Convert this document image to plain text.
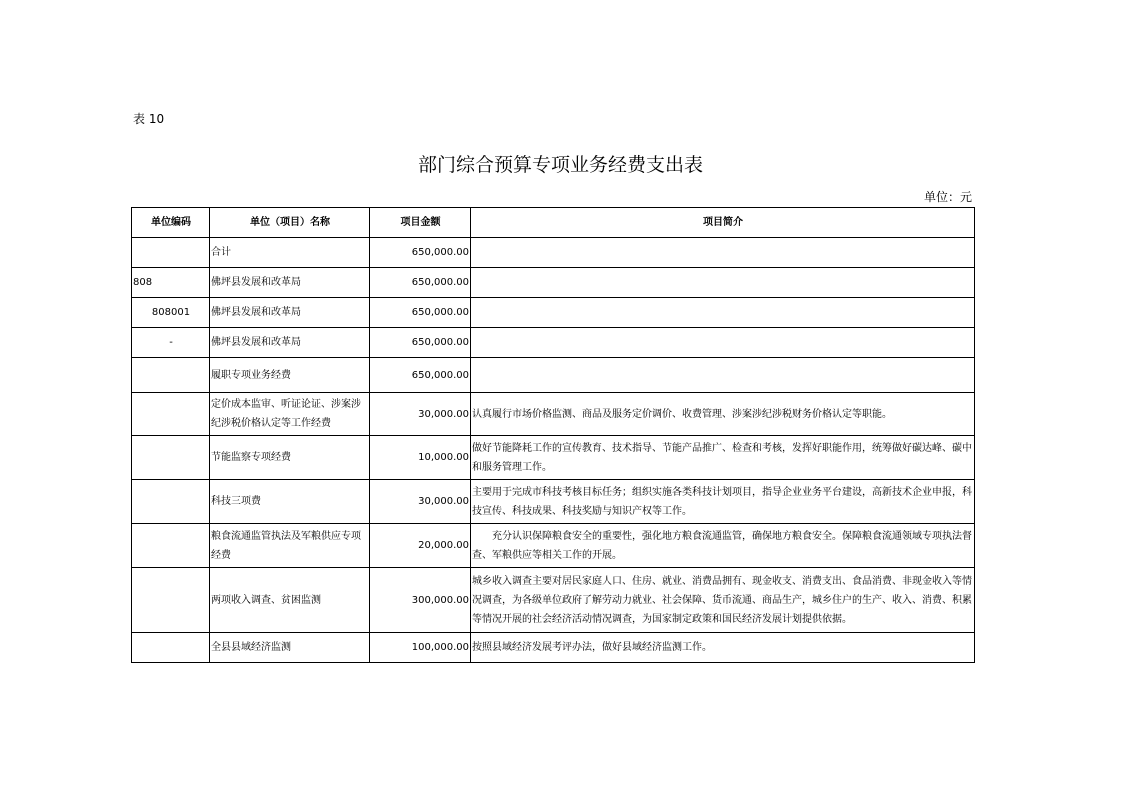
表 10
部门综合预算专项业务经费支出表
单位：元
单位编码	单位（项目）名称	项目金额	项目简介
	合计	650,000.00	
808	佛坪县发展和改革局	650,000.00	
808001	佛坪县发展和改革局	650,000.00	
-	佛坪县发展和改革局	650,000.00	
	履职专项业务经费	650,000.00	
	定价成本监审、听证论证、涉案涉纪涉税价格认定等工作经费	30,000.00	认真履行市场价格监测、商品及服务定价调价、收费管理、涉案涉纪涉税财务价格认定等职能。
	节能监察专项经费	10,000.00	做好节能降耗工作的宣传教育、技术指导、节能产品推广、检查和考核，发挥好职能作用，统筹做好碳达峰、碳中和服务管理工作。
	科技三项费	30,000.00	主要用于完成市科技考核目标任务；组织实施各类科技计划项目，指导企业业务平台建设，高新技术企业申报，科技宣传、科技成果、科技奖励与知识产权等工作。
	粮食流通监管执法及军粮供应专项经费	20,000.00	　　充分认识保障粮食安全的重要性，强化地方粮食流通监管，确保地方粮食安全。保障粮食流通领域专项执法督查、军粮供应等相关工作的开展。
	两项收入调查、贫困监测	300,000.00	城乡收入调查主要对居民家庭人口、住房、就业、消费品拥有、现金收支、消费支出、食品消费、非现金收入等情况调查，为各级单位政府了解劳动力就业、社会保障、货币流通、商品生产，城乡住户的生产、收入、消费、积累等情况开展的社会经济活动情况调查，为国家制定政策和国民经济发展计划提供依据。
	全县县域经济监测	100,000.00	按照县域经济发展考评办法，做好县域经济监测工作。
